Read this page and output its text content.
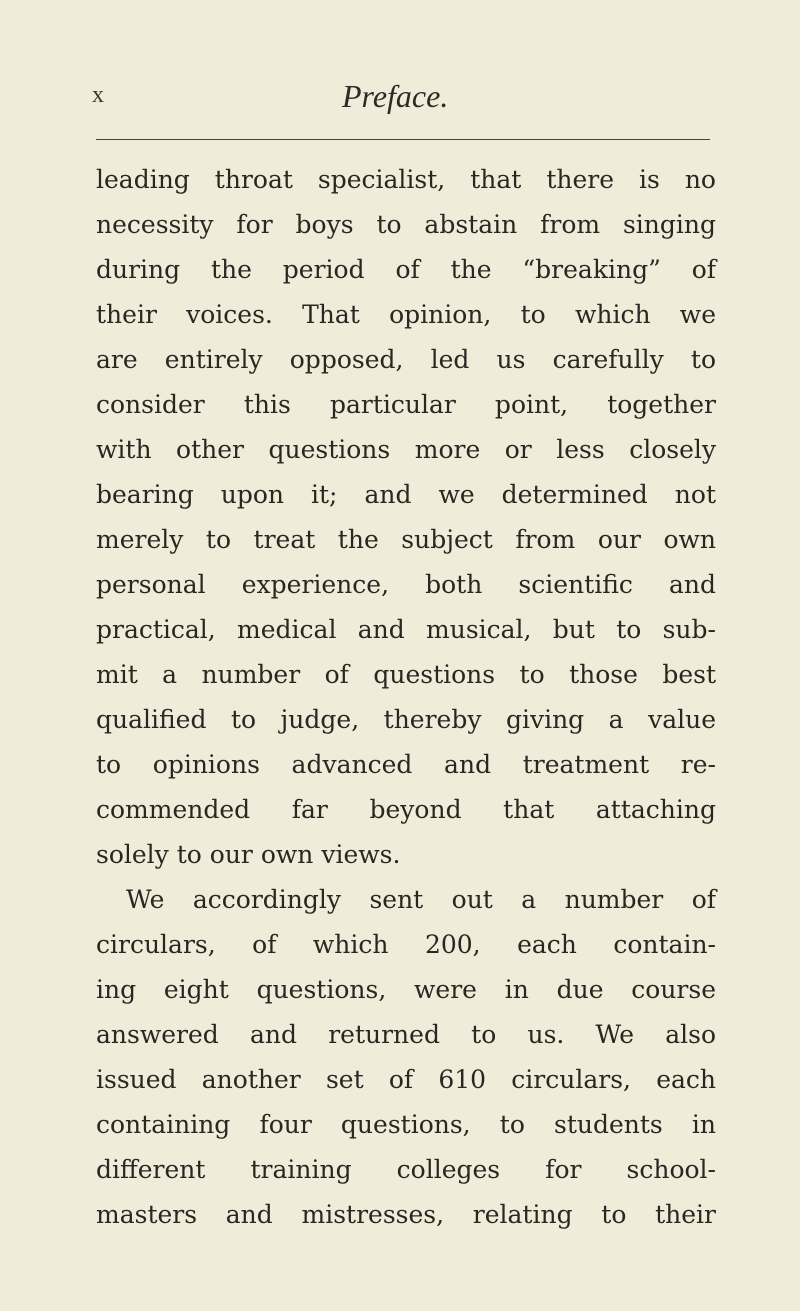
x	Preface.
leading throat specialist, that there is no
necessity for boys to abstain from singing
during the period of the “breaking” of
their voices. That opinion, to which we
are entirely opposed, led us carefully to
consider this particular point, together
with other questions more or less closely
bearing upon it; and we determined not
merely to treat the subject from our own
personal experience, both scientific and
practical, medical and musical, but to sub-
mit a number of questions to those best
qualified to judge, thereby giving a value
to opinions advanced and treatment re-
commended far beyond that attaching
solely to our own views.
We accordingly sent out a number of
circulars, of which 200, each contain-
ing eight questions, were in due course
answered and returned to us. We also
issued another set of 610 circulars, each
containing four questions, to students in
different training colleges for school-
masters and mistresses, relating to their
